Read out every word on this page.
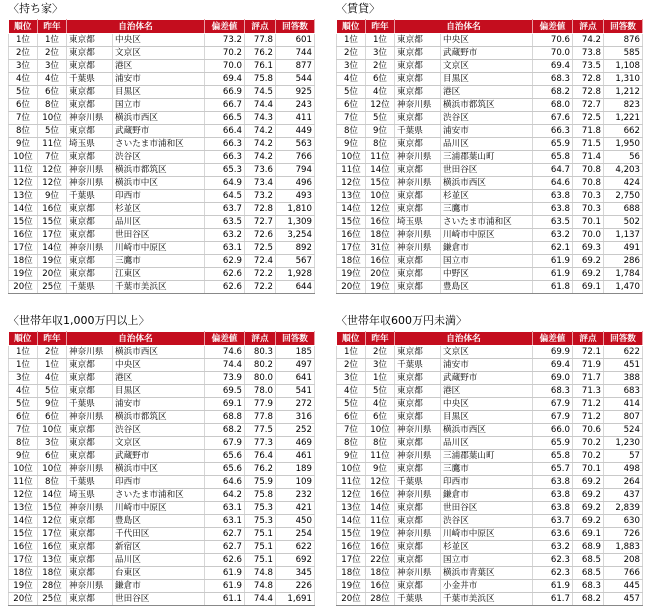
〈持ち家〉
順位	昨年	自治体名		偏差値	評点	回答数
1位	1位	東京都	中央区	73.2	77.8	601
2位	2位	東京都	文京区	70.2	76.2	744
3位	3位	東京都	港区	70.0	76.1	877
4位	4位	千葉県	浦安市	69.4	75.8	544
5位	6位	東京都	目黒区	66.9	74.5	925
6位	8位	東京都	国立市	66.7	74.4	243
7位	10位	神奈川県	横浜市西区	66.5	74.3	411
8位	5位	東京都	武蔵野市	66.4	74.2	449
9位	11位	埼玉県	さいたま市浦和区	66.3	74.2	563
10位	7位	東京都	渋谷区	66.3	74.2	766
11位	12位	神奈川県	横浜市都筑区	65.3	73.6	794
12位	12位	神奈川県	横浜市中区	64.9	73.4	496
13位	9位	千葉県	印西市	64.5	73.2	493
14位	16位	東京都	杉並区	63.7	72.8	1,810
15位	15位	東京都	品川区	63.5	72.7	1,309
16位	17位	東京都	世田谷区	63.2	72.6	3,254
17位	14位	神奈川県	川崎市中原区	63.1	72.5	892
18位	19位	東京都	三鷹市	62.9	72.4	567
19位	20位	東京都	江東区	62.6	72.2	1,928
20位	25位	千葉県	千葉市美浜区	62.6	72.2	644
〈賃貸〉
順位	昨年	自治体名		偏差値	評点	回答数
1位	1位	東京都	中央区	70.6	74.2	876
2位	3位	東京都	武蔵野市	70.0	73.8	585
3位	2位	東京都	文京区	69.4	73.5	1,108
4位	6位	東京都	目黒区	68.3	72.8	1,310
5位	4位	東京都	港区	68.2	72.8	1,212
6位	12位	神奈川県	横浜市都筑区	68.0	72.7	823
7位	5位	東京都	渋谷区	67.6	72.5	1,221
8位	9位	千葉県	浦安市	66.3	71.8	662
9位	8位	東京都	品川区	65.9	71.5	1,950
10位	11位	神奈川県	三浦郡葉山町	65.8	71.4	56
11位	14位	東京都	世田谷区	64.7	70.8	4,203
12位	15位	神奈川県	横浜市西区	64.6	70.8	424
13位	10位	東京都	杉並区	63.8	70.3	2,750
14位	12位	東京都	三鷹市	63.8	70.3	688
15位	16位	埼玉県	さいたま市浦和区	63.5	70.1	502
16位	18位	神奈川県	川崎市中原区	63.2	70.0	1,137
17位	31位	神奈川県	鎌倉市	62.1	69.3	491
18位	16位	東京都	国立市	61.9	69.2	286
19位	20位	東京都	中野区	61.9	69.2	1,784
20位	19位	東京都	豊島区	61.8	69.1	1,470
〈世帯年収1,000万円以上〉
順位	昨年	自治体名		偏差値	評点	回答数
1位	2位	神奈川県	横浜市西区	74.6	80.3	185
1位	1位	東京都	中央区	74.4	80.2	497
3位	4位	東京都	港区	73.9	80.0	641
4位	5位	東京都	目黒区	69.5	78.0	541
5位	9位	千葉県	浦安市	69.1	77.9	272
6位	6位	神奈川県	横浜市都筑区	68.8	77.8	316
7位	10位	東京都	渋谷区	68.2	77.5	252
8位	3位	東京都	文京区	67.9	77.3	469
9位	6位	東京都	武蔵野市	65.6	76.4	461
10位	10位	神奈川県	横浜市中区	65.6	76.2	189
11位	8位	千葉県	印西市	64.6	75.9	109
12位	14位	埼玉県	さいたま市浦和区	64.2	75.8	232
13位	15位	神奈川県	川崎市中原区	63.1	75.3	421
14位	12位	東京都	豊島区	63.1	75.3	450
15位	17位	東京都	千代田区	62.7	75.1	254
16位	16位	東京都	新宿区	62.7	75.1	622
17位	13位	東京都	品川区	62.6	75.1	692
18位	18位	東京都	台東区	61.9	74.8	345
19位	28位	神奈川県	鎌倉市	61.9	74.8	226
20位	25位	東京都	世田谷区	61.1	74.4	1,691
〈世帯年収600万円未満〉
順位	昨年	自治体名		偏差値	評点	回答数
1位	2位	東京都	文京区	69.9	72.1	622
2位	3位	千葉県	浦安市	69.4	71.9	451
3位	1位	東京都	武蔵野市	69.0	71.7	388
4位	5位	東京都	港区	68.3	71.3	683
5位	4位	東京都	中央区	67.9	71.2	414
6位	6位	東京都	目黒区	67.9	71.2	807
7位	10位	神奈川県	横浜市西区	66.0	70.6	524
8位	8位	東京都	品川区	65.9	70.2	1,230
9位	11位	神奈川県	三浦郡葉山町	65.8	70.2	57
10位	9位	東京都	三鷹市	65.7	70.1	498
11位	12位	千葉県	印西市	63.8	69.2	264
12位	16位	神奈川県	鎌倉市	63.8	69.2	437
13位	14位	東京都	世田谷区	63.8	69.2	2,839
14位	11位	東京都	渋谷区	63.7	69.2	630
15位	19位	神奈川県	川崎市中原区	63.6	69.1	726
16位	16位	東京都	杉並区	63.2	68.9	1,883
17位	22位	東京都	国立市	62.3	68.5	208
18位	18位	神奈川県	横浜市青葉区	62.3	68.5	766
19位	16位	東京都	小金井市	61.9	68.3	445
20位	28位	千葉県	千葉市美浜区	61.7	68.2	457
